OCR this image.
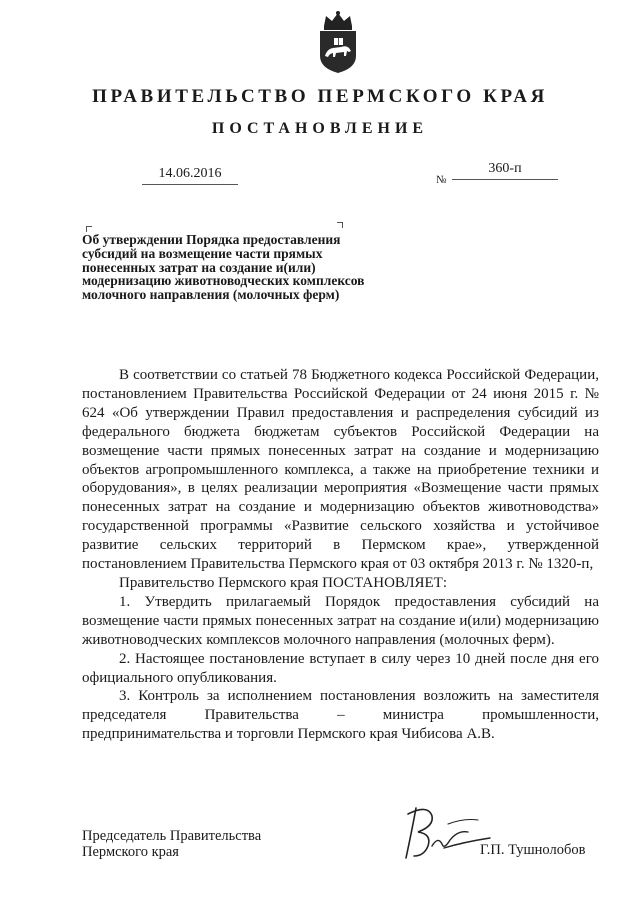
ПРАВИТЕЛЬСТВО ПЕРМСКОГО КРАЯ
ПОСТАНОВЛЕНИЕ
14.06.2016	№
360-п

Об утверждении Порядка предоставления субсидий на возмещение части прямых понесенных затрат на создание и(или) модернизацию животноводческих комплексов молочного направления (молочных ферм)

В соответствии со статьей 78 Бюджетного кодекса Российской Федерации, постановлением Правительства Российской Федерации от 24 июня 2015 г. № 624 «Об утверждении Правил предоставления и распределения субсидий из федерального бюджета бюджетам субъектов Российской Федерации на возмещение части прямых понесенных затрат на создание и модернизацию объектов агропромышленного комплекса, а также на приобретение техники и оборудования», в целях реализации мероприятия «Возмещение части прямых понесенных затрат на создание и модернизацию объектов животноводства» государственной программы «Развитие сельского хозяйства и устойчивое развитие сельских территорий в Пермском крае», утвержденной постановлением Правительства Пермского края от 03 октября 2013 г. № 1320-п,

Правительство Пермского края ПОСТАНОВЛЯЕТ:

1. Утвердить прилагаемый Порядок предоставления субсидий на возмещение части прямых понесенных затрат на создание и(или) модернизацию животноводческих комплексов молочного направления (молочных ферм).

2. Настоящее постановление вступает в силу через 10 дней после дня его официального опубликования.

3. Контроль за исполнением постановления возложить на заместителя председателя Правительства – министра промышленности, предпринимательства и торговли Пермского края Чибисова А.В.

Председатель Правительства
Пермского края	Г.П. Тушнолобов
